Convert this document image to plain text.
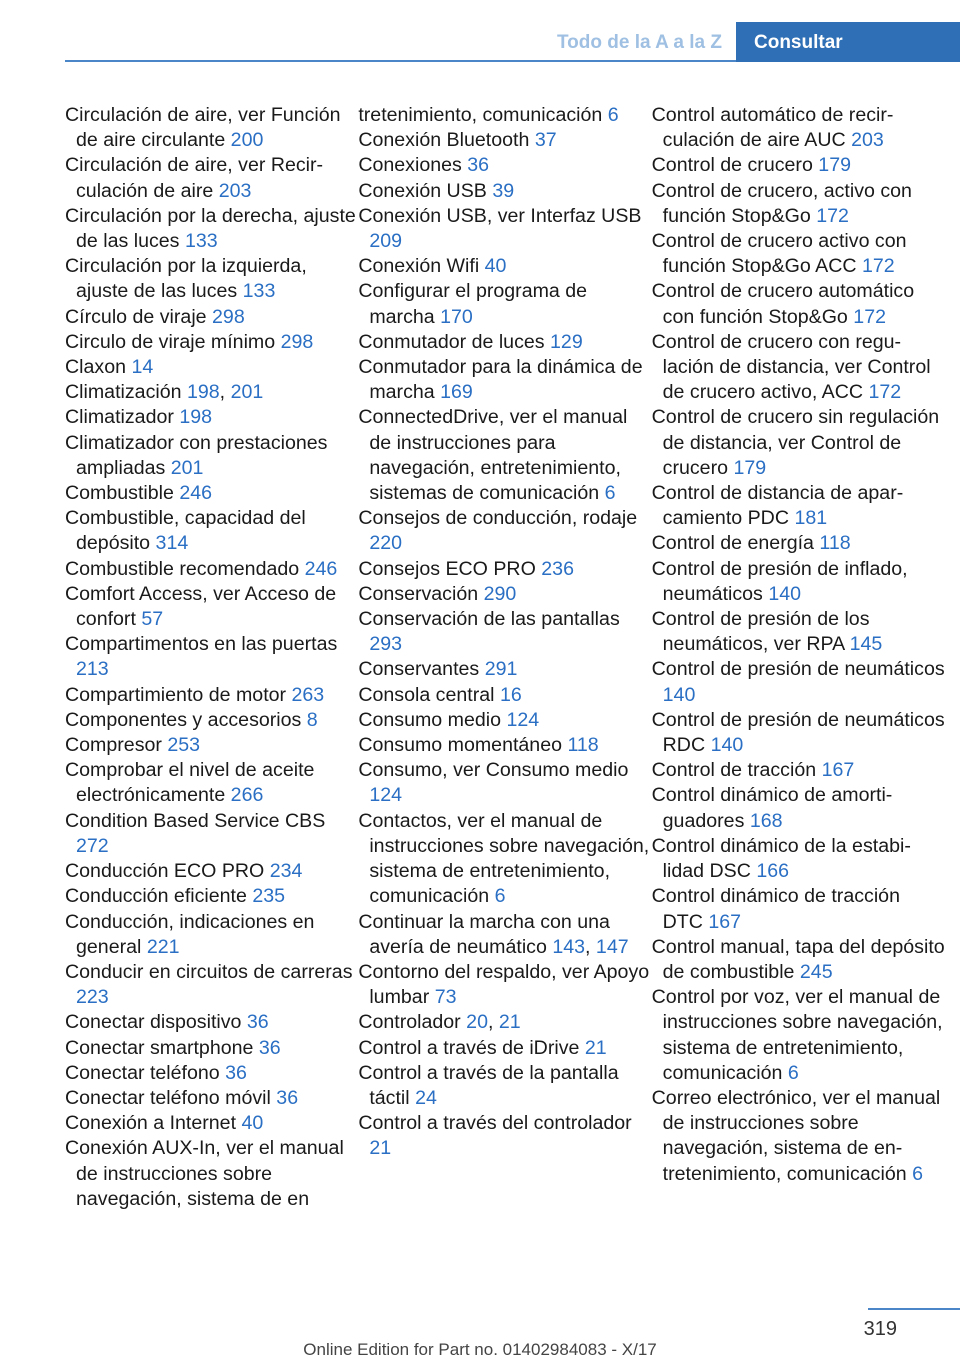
Todo de la A a la Z	Consultar
Circulación de aire, ver Función de aire circulante 200
Circulación de aire, ver Recirculación de aire 203
Circulación por la derecha, ajuste de las luces 133
Circulación por la izquierda, ajuste de las luces 133
Círculo de viraje 298
Circulo de viraje mínimo 298
Claxon 14
Climatización 198, 201
Climatizador 198
Climatizador con prestaciones ampliadas 201
Combustible 246
Combustible, capacidad del depósito 314
Combustible recomendado 246
Comfort Access, ver Acceso de confort 57
Compartimentos en las puertas 213
Compartimiento de motor 263
Componentes y accesorios 8
Compresor 253
Comprobar el nivel de aceite electrónicamente 266
Condition Based Service CBS 272
Conducción ECO PRO 234
Conducción eficiente 235
Conducción, indicaciones en general 221
Conducir en circuitos de carreras 223
Conectar dispositivo 36
Conectar smartphone 36
Conectar teléfono 36
Conectar teléfono móvil 36
Conexión a Internet 40
Conexión AUX-In, ver el manual de instrucciones sobre navegación, sistema de en
tretenimiento, comunicación 6
Conexión Bluetooth 37
Conexiones 36
Conexión USB 39
Conexión USB, ver Interfaz USB 209
Conexión Wifi 40
Configurar el programa de marcha 170
Conmutador de luces 129
Conmutador para la dinámica de marcha 169
ConnectedDrive, ver el manual de instrucciones para navegación, entretenimiento, sistemas de comunicación 6
Consejos de conducción, rodaje 220
Consejos ECO PRO 236
Conservación 290
Conservación de las pantallas 293
Conservantes 291
Consola central 16
Consumo medio 124
Consumo momentáneo 118
Consumo, ver Consumo medio 124
Contactos, ver el manual de instrucciones sobre navegación, sistema de entretenimiento, comunicación 6
Continuar la marcha con una avería de neumático 143, 147
Contorno del respaldo, ver Apoyo lumbar 73
Controlador 20, 21
Control a través de iDrive 21
Control a través de la pantalla táctil 24
Control a través del controlador 21
Control automático de recirculación de aire AUC 203
Control de crucero 179
Control de crucero, activo con función Stop&Go 172
Control de crucero activo con función Stop&Go ACC 172
Control de crucero automático con función Stop&Go 172
Control de crucero con regulación de distancia, ver Control de crucero activo, ACC 172
Control de crucero sin regulación de distancia, ver Control de crucero 179
Control de distancia de aparcamiento PDC 181
Control de energía 118
Control de presión de inflado, neumáticos 140
Control de presión de los neumáticos, ver RPA 145
Control de presión de neumáticos 140
Control de presión de neumáticos RDC 140
Control de tracción 167
Control dinámico de amortiguadores 168
Control dinámico de la estabilidad DSC 166
Control dinámico de tracción DTC 167
Control manual, tapa del depósito de combustible 245
Control por voz, ver el manual de instrucciones sobre navegación, sistema de entretenimiento, comunicación 6
Correo electrónico, ver el manual de instrucciones sobre navegación, sistema de entretenimiento, comunicación 6
319
Online Edition for Part no. 01402984083 - X/17
